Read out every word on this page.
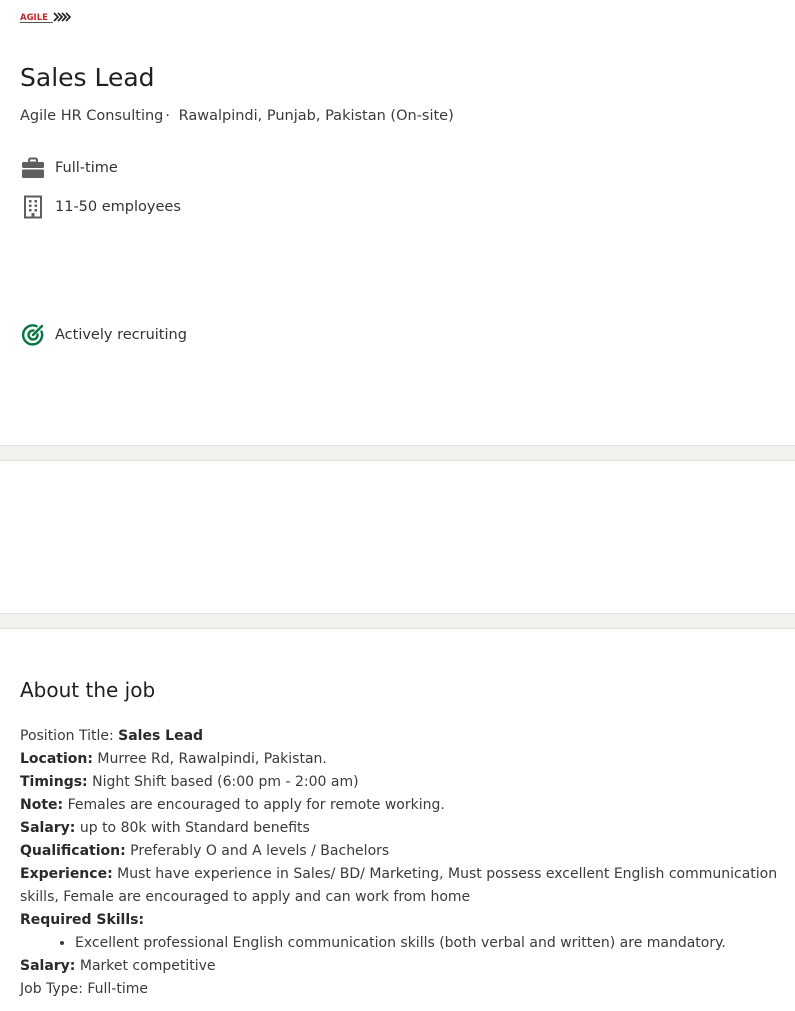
AGILE
Sales Lead
Agile HR Consulting · Rawalpindi, Punjab, Pakistan (On-site)
Full-time
11-50 employees
Actively recruiting
About the job

Position Title: Sales Lead

Location: Murree Rd, Rawalpindi, Pakistan.

Timings: Night Shift based (6:00 pm - 2:00 am)

Note: Females are encouraged to apply for remote working.

Salary: up to 80k with Standard benefits

Qualification: Preferably O and A levels / Bachelors

Experience: Must have experience in Sales/ BD/ Marketing, Must possess excellent English communication skills, Female are encouraged to apply and can work from home

Required Skills:

• Excellent professional English communication skills (both verbal and written) are mandatory.

Salary: Market competitive

Job Type: Full-time
